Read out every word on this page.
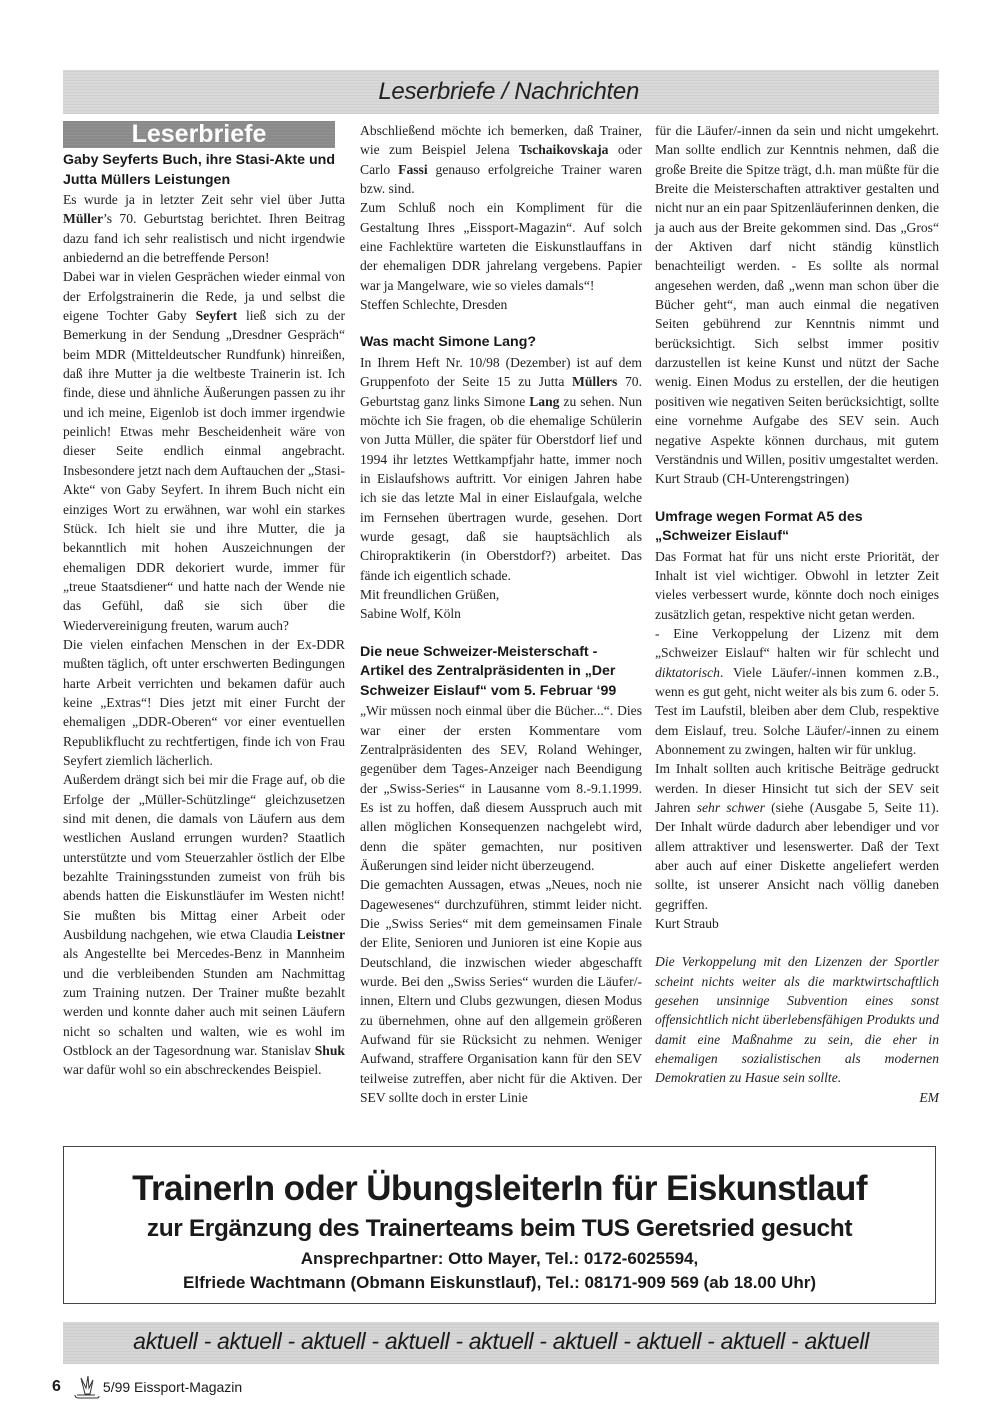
Leserbriefe / Nachrichten
Leserbriefe
Gaby Seyferts Buch, ihre Stasi-Akte und Jutta Müllers Leistungen

Es wurde ja in letzter Zeit sehr viel über Jutta Müller’s 70. Geburtstag berichtet. Ihren Beitrag dazu fand ich sehr realistisch und nicht irgendwie anbiedernd an die betreffende Person!

Dabei war in vielen Gesprächen wieder einmal von der Erfolgstrainerin die Rede, ja und selbst die eigene Tochter Gaby Seyfert ließ sich zu der Bemerkung in der Sendung „Dresdner Gespräch“ beim MDR (Mitteldeutscher Rundfunk) hinreißen, daß ihre Mutter ja die weltbeste Trainerin ist. Ich finde, diese und ähnliche Äußerungen passen zu ihr und ich meine, Eigenlob ist doch immer irgendwie peinlich! Etwas mehr Bescheidenheit wäre von dieser Seite endlich einmal angebracht. Insbesondere jetzt nach dem Auftauchen der „Stasi-Akte“ von Gaby Seyfert. In ihrem Buch nicht ein einziges Wort zu erwähnen, war wohl ein starkes Stück. Ich hielt sie und ihre Mutter, die ja bekanntlich mit hohen Auszeichnungen der ehemaligen DDR dekoriert wurde, immer für „treue Staatsdiener“ und hatte nach der Wende nie das Gefühl, daß sie sich über die Wiedervereinigung freuten, warum auch?

Die vielen einfachen Menschen in der Ex-DDR mußten täglich, oft unter erschwerten Bedingungen harte Arbeit verrichten und bekamen dafür auch keine „Extras“! Dies jetzt mit einer Furcht der ehemaligen „DDR-Oberen“ vor einer eventuellen Republikflucht zu rechtfertigen, finde ich von Frau Seyfert ziemlich lächerlich.

Außerdem drängt sich bei mir die Frage auf, ob die Erfolge der „Müller-Schützlinge“ gleichzusetzen sind mit denen, die damals von Läufern aus dem westlichen Ausland errungen wurden? Staatlich unterstützte und vom Steuerzahler östlich der Elbe bezahlte Trainingsstunden zumeist von früh bis abends hatten die Eiskunstläufer im Westen nicht! Sie mußten bis Mittag einer Arbeit oder Ausbildung nachgehen, wie etwa Claudia Leistner als Angestellte bei Mercedes-Benz in Mannheim und die verbleibenden Stunden am Nachmittag zum Training nutzen. Der Trainer mußte bezahlt werden und konnte daher auch mit seinen Läufern nicht so schalten und walten, wie es wohl im Ostblock an der Tagesordnung war. Stanislav Shuk war dafür wohl so ein abschreckendes Beispiel.

Abschließend möchte ich bemerken, daß Trainer, wie zum Beispiel Jelena Tschaikovskaja oder Carlo Fassi genauso erfolgreiche Trainer waren bzw. sind.

Zum Schluß noch ein Kompliment für die Gestaltung Ihres „Eissport-Magazin“. Auf solch eine Fachlektüre warteten die Eiskunstlauffans in der ehemaligen DDR jahrelang vergebens. Papier war ja Mangelware, wie so vieles damals“!

Steffen Schlechte, Dresden

Was macht Simone Lang?

In Ihrem Heft Nr. 10/98 (Dezember) ist auf dem Gruppenfoto der Seite 15 zu Jutta Müllers 70. Geburtstag ganz links Simone Lang zu sehen. Nun möchte ich Sie fragen, ob die ehemalige Schülerin von Jutta Müller, die später für Oberstdorf lief und 1994 ihr letztes Wettkampfjahr hatte, immer noch in Eislaufshows auftritt. Vor einigen Jahren habe ich sie das letzte Mal in einer Eislaufgala, welche im Fernsehen übertragen wurde, gesehen. Dort wurde gesagt, daß sie hauptsächlich als Chiropraktikerin (in Oberstdorf?) arbeitet. Das fände ich eigentlich schade.

Mit freundlichen Grüßen,

Sabine Wolf, Köln

Die neue Schweizer-Meisterschaft - Artikel des Zentralpräsidenten in „Der Schweizer Eislauf“ vom 5. Februar ‘99

„Wir müssen noch einmal über die Bücher...“. Dies war einer der ersten Kommentare vom Zentralpräsidenten des SEV, Roland Wehinger, gegenüber dem Tages-Anzeiger nach Beendigung der „Swiss-Series“ in Lausanne vom 8.-9.1.1999. Es ist zu hoffen, daß diesem Ausspruch auch mit allen möglichen Konsequenzen nachgelebt wird, denn die später gemachten, nur positiven Äußerungen sind leider nicht überzeugend.

Die gemachten Aussagen, etwas „Neues, noch nie Dagewesenes“ durchzuführen, stimmt leider nicht. Die „Swiss Series“ mit dem gemeinsamen Finale der Elite, Senioren und Junioren ist eine Kopie aus Deutschland, die inzwischen wieder abgeschafft wurde. Bei den „Swiss Series“ wurden die Läufer/-innen, Eltern und Clubs gezwungen, diesen Modus zu übernehmen, ohne auf den allgemein größeren Aufwand für sie Rücksicht zu nehmen. Weniger Aufwand, straffere Organisation kann für den SEV teilweise zutreffen, aber nicht für die Aktiven. Der SEV sollte doch in erster Linie

für die Läufer/-innen da sein und nicht umgekehrt. Man sollte endlich zur Kenntnis nehmen, daß die große Breite die Spitze trägt, d.h. man müßte für die Breite die Meisterschaften attraktiver gestalten und nicht nur an ein paar Spitzenläuferinnen denken, die ja auch aus der Breite gekommen sind. Das „Gros“ der Aktiven darf nicht ständig künstlich benachteiligt werden. - Es sollte als normal angesehen werden, daß „wenn man schon über die Bücher geht“, man auch einmal die negativen Seiten gebührend zur Kenntnis nimmt und berücksichtigt. Sich selbst immer positiv darzustellen ist keine Kunst und nützt der Sache wenig. Einen Modus zu erstellen, der die heutigen positiven wie negativen Seiten berücksichtigt, sollte eine vornehme Aufgabe des SEV sein. Auch negative Aspekte können durchaus, mit gutem Verständnis und Willen, positiv umgestaltet werden.

Kurt Straub (CH-Unterengstringen)

Umfrage wegen Format A5 des „Schweizer Eislauf“

Das Format hat für uns nicht erste Priorität, der Inhalt ist viel wichtiger. Obwohl in letzter Zeit vieles verbessert wurde, könnte doch noch einiges zusätzlich getan, respektive nicht getan werden.

- Eine Verkoppelung der Lizenz mit dem „Schweizer Eislauf“ halten wir für schlecht und diktatorisch. Viele Läufer/-innen kommen z.B., wenn es gut geht, nicht weiter als bis zum 6. oder 5. Test im Laufstil, bleiben aber dem Club, respektive dem Eislauf, treu. Solche Läufer/-innen zu einem Abonnement zu zwingen, halten wir für unklug.

Im Inhalt sollten auch kritische Beiträge gedruckt werden. In dieser Hinsicht tut sich der SEV seit Jahren sehr schwer (siehe (Ausgabe 5, Seite 11). Der Inhalt würde dadurch aber lebendiger und vor allem attraktiver und lesenswerter. Daß der Text aber auch auf einer Diskette angeliefert werden sollte, ist unserer Ansicht nach völlig daneben gegriffen.

Kurt Straub

Die Verkoppelung mit den Lizenzen der Sportler scheint nichts weiter als die marktwirtschaftlich gesehen unsinnige Subvention eines sonst offensichtlich nicht überlebensfähigen Produkts und damit eine Maßnahme zu sein, die eher in ehemaligen sozialistischen als modernen Demokratien zu Hasue sein sollte.

EM

TrainerIn oder ÜbungsleiterIn für Eiskunstlauf
zur Ergänzung des Trainerteams beim TUS Geretsried gesucht
Ansprechpartner: Otto Mayer, Tel.: 0172-6025594,
Elfriede Wachtmann (Obmann Eiskunstlauf), Tel.: 08171-909 569 (ab 18.00 Uhr)
aktuell - aktuell - aktuell - aktuell - aktuell - aktuell - aktuell - aktuell - aktuell
6	5/99 Eissport-Magazin
